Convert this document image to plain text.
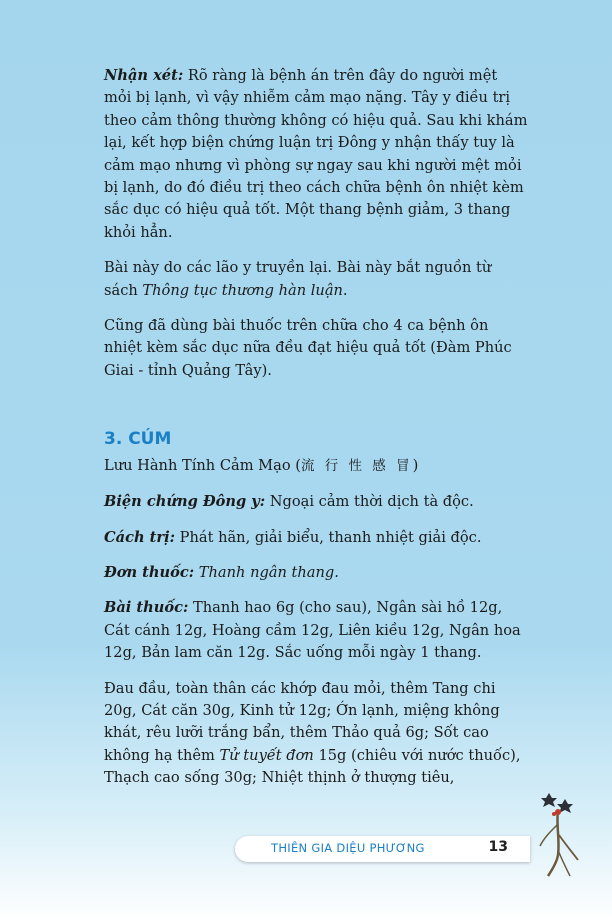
Nhận xét: Rõ ràng là bệnh án trên đây do người mệt mỏi bị lạnh, vì vậy nhiễm cảm mạo nặng. Tây y điều trị theo cảm thông thường không có hiệu quả. Sau khi khám lại, kết hợp biện chứng luận trị Đông y nhận thấy tuy là cảm mạo nhưng vì phòng sự ngay sau khi người mệt mỏi bị lạnh, do đó điều trị theo cách chữa bệnh ôn nhiệt kèm sắc dục có hiệu quả tốt. Một thang bệnh giảm, 3 thang khỏi hẳn.

Bài này do các lão y truyền lại. Bài này bắt nguồn từ sách Thông tục thương hàn luận.

Cũng đã dùng bài thuốc trên chữa cho 4 ca bệnh ôn nhiệt kèm sắc dục nữa đều đạt hiệu quả tốt (Đàm Phúc Giai - tỉnh Quảng Tây).

3. CÚM

Lưu Hành Tính Cảm Mạo (流 行 性 感 冒)

Biện chứng Đông y: Ngoại cảm thời dịch tà độc.

Cách trị: Phát hãn, giải biểu, thanh nhiệt giải độc.

Đơn thuốc: Thanh ngân thang.

Bài thuốc: Thanh hao 6g (cho sau), Ngân sài hồ 12g, Cát cánh 12g, Hoàng cầm 12g, Liên kiều 12g, Ngân hoa 12g, Bản lam căn 12g. Sắc uống mỗi ngày 1 thang.

Đau đầu, toàn thân các khớp đau mỏi, thêm Tang chi 20g, Cát căn 30g, Kinh tử 12g; Ớn lạnh, miệng không khát, rêu lưỡi trắng bẩn, thêm Thảo quả 6g; Sốt cao không hạ thêm Tử tuyết đơn 15g (chiêu với nước thuốc), Thạch cao sống 30g; Nhiệt thịnh ở thượng tiêu,

THIÊN GIA DIỆU PHƯƠNG	13
